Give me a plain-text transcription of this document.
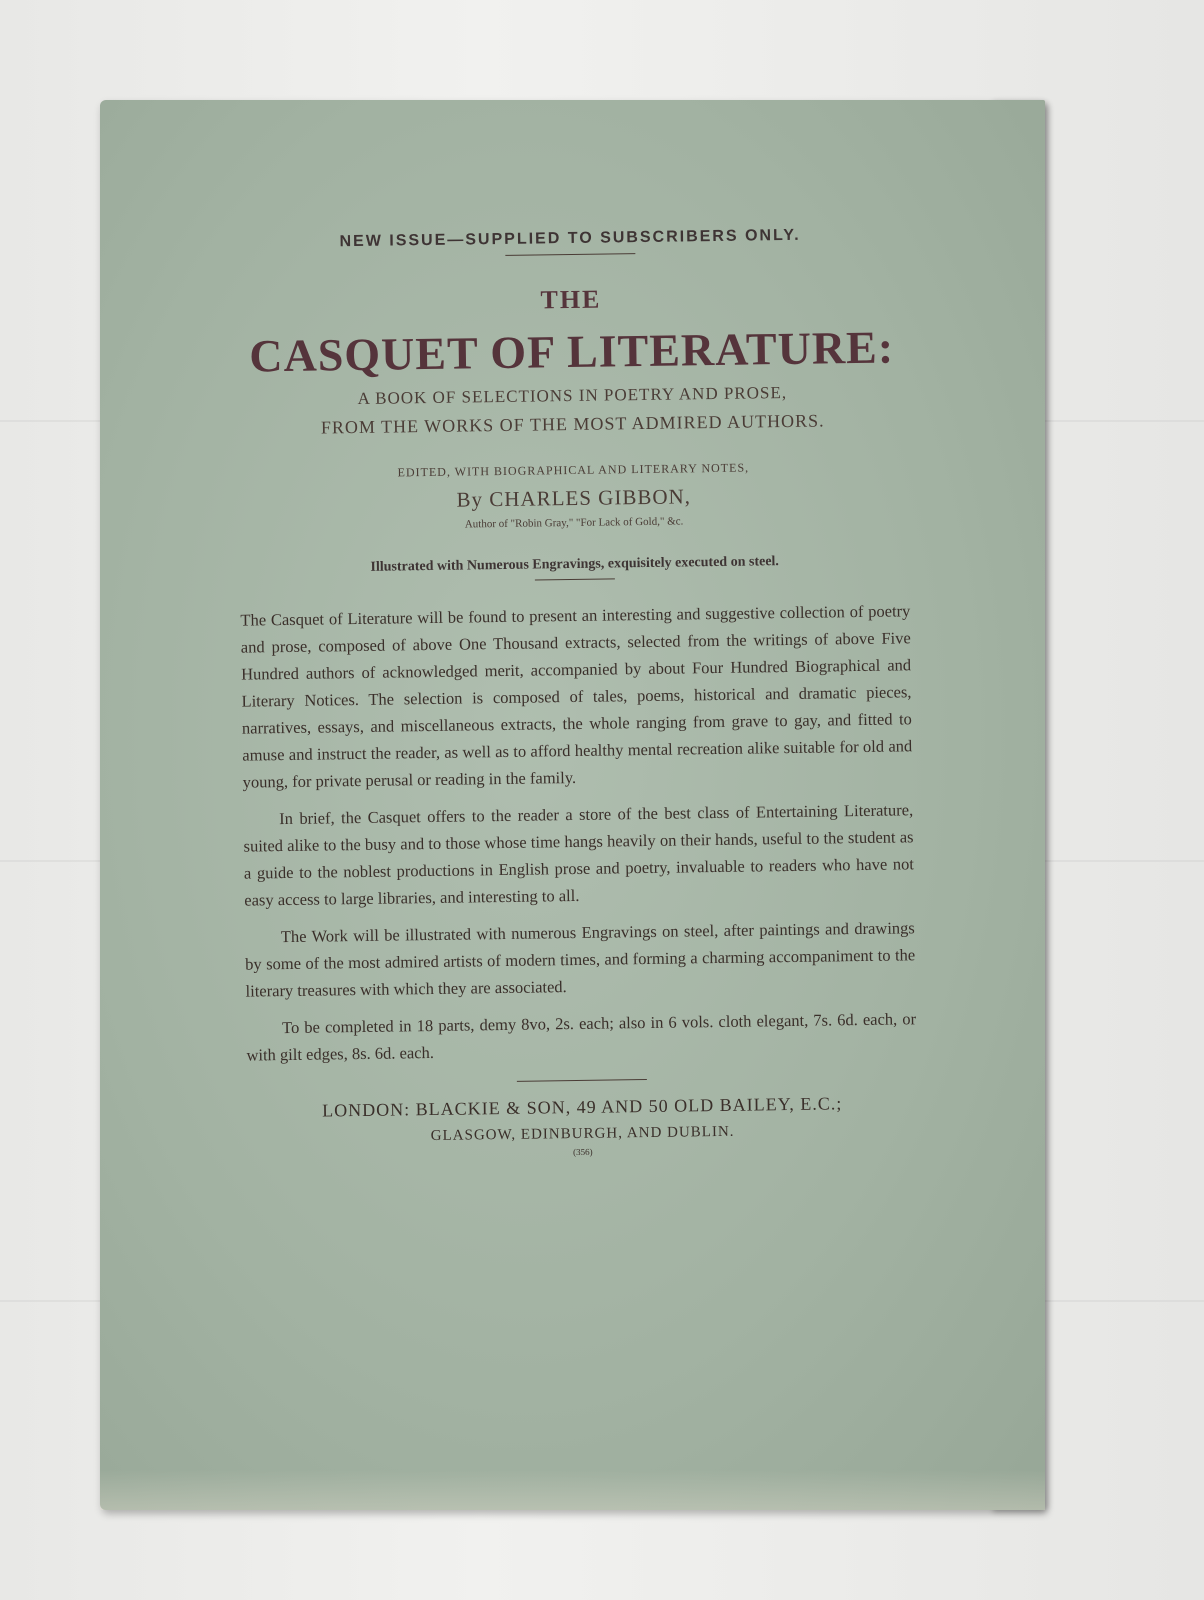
NEW ISSUE—SUPPLIED TO SUBSCRIBERS ONLY.
THE
CASQUET OF LITERATURE:
A BOOK OF SELECTIONS IN POETRY AND PROSE,
FROM THE WORKS OF THE MOST ADMIRED AUTHORS.
EDITED, WITH BIOGRAPHICAL AND LITERARY NOTES,
By CHARLES GIBBON,
Author of "Robin Gray," "For Lack of Gold," &c.
Illustrated with Numerous Engravings, exquisitely executed on steel.

The Casquet of Literature will be found to present an interesting and suggestive collection of poetry and prose, composed of above One Thousand extracts, selected from the writings of above Five Hundred authors of acknowledged merit, accompanied by about Four Hundred Biographical and Literary Notices. The selection is composed of tales, poems, historical and dramatic pieces, narratives, essays, and miscellaneous extracts, the whole ranging from grave to gay, and fitted to amuse and instruct the reader, as well as to afford healthy mental recreation alike suitable for old and young, for private perusal or reading in the family.

In brief, the Casquet offers to the reader a store of the best class of Entertaining Literature, suited alike to the busy and to those whose time hangs heavily on their hands, useful to the student as a guide to the noblest productions in English prose and poetry, invaluable to readers who have not easy access to large libraries, and interesting to all.

The Work will be illustrated with numerous Engravings on steel, after paintings and drawings by some of the most admired artists of modern times, and forming a charming accompaniment to the literary treasures with which they are associated.

To be completed in 18 parts, demy 8vo, 2s. each; also in 6 vols. cloth elegant, 7s. 6d. each, or with gilt edges, 8s. 6d. each.

LONDON: BLACKIE & SON, 49 AND 50 OLD BAILEY, E.C.;
GLASGOW, EDINBURGH, AND DUBLIN.
(356)
